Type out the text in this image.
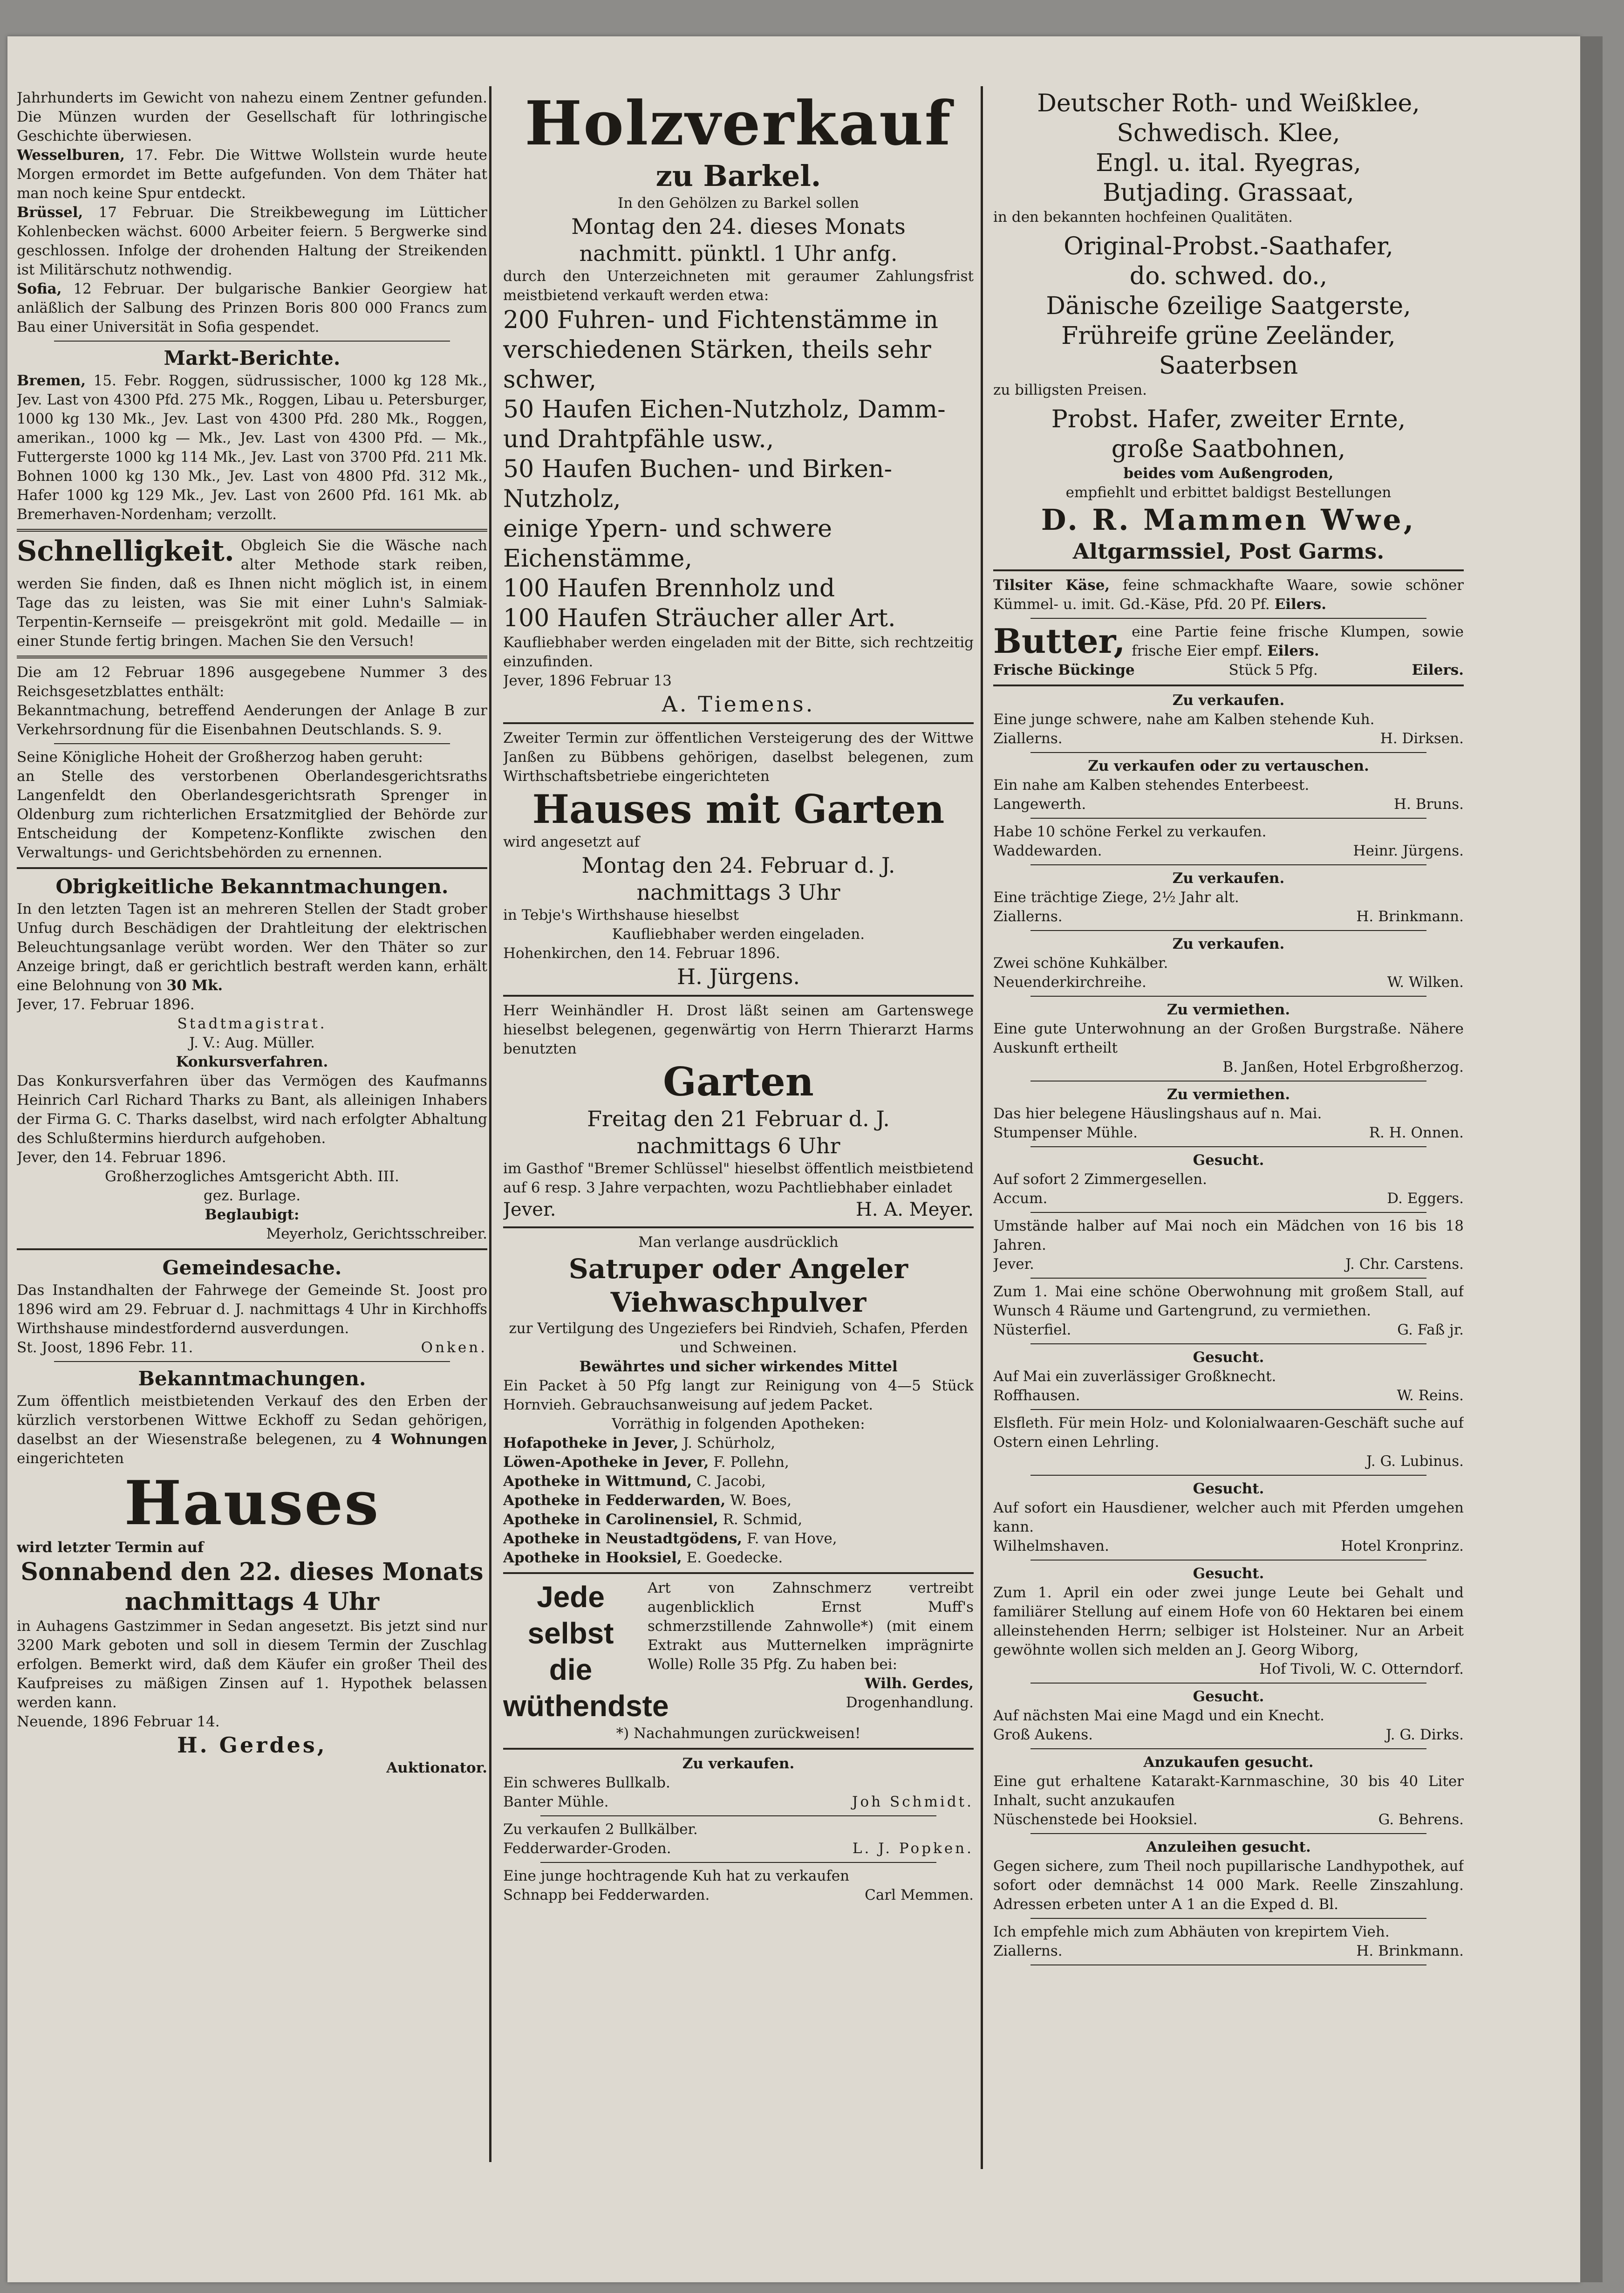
Jahrhunderts im Gewicht von nahezu einem Zentner gefunden. Die Münzen wurden der Gesellschaft für lothringische Geschichte überwiesen.

Wesselburen, 17. Febr. Die Wittwe Wollstein wurde heute Morgen ermordet im Bette aufgefunden. Von dem Thäter hat man noch keine Spur entdeckt.

Brüssel, 17 Februar. Die Streikbewegung im Lütticher Kohlenbecken wächst. 6000 Arbeiter feiern. 5 Bergwerke sind geschlossen. Infolge der drohenden Haltung der Streikenden ist Militärschutz nothwendig.

Sofia, 12 Februar. Der bulgarische Bankier Georgiew hat anläßlich der Salbung des Prinzen Boris 800 000 Francs zum Bau einer Universität in Sofia gespendet.

Markt-Berichte.

Bremen, 15. Febr. Roggen, südrussischer, 1000 kg 128 Mk., Jev. Last von 4300 Pfd. 275 Mk., Roggen, Libau u. Petersburger, 1000 kg 130 Mk., Jev. Last von 4300 Pfd. 280 Mk., Roggen, amerikan., 1000 kg — Mk., Jev. Last von 4300 Pfd. — Mk., Futtergerste 1000 kg 114 Mk., Jev. Last von 3700 Pfd. 211 Mk. Bohnen 1000 kg 130 Mk., Jev. Last von 4800 Pfd. 312 Mk., Hafer 1000 kg 129 Mk., Jev. Last von 2600 Pfd. 161 Mk. ab Bremerhaven-Nordenham; verzollt.

Schnelligkeit. Obgleich Sie die Wäsche nach alter Methode stark reiben, werden Sie finden, daß es Ihnen nicht möglich ist, in einem Tage das zu leisten, was Sie mit einer Luhn's Salmiak-Terpentin-Kernseife — preisgekrönt mit gold. Medaille — in einer Stunde fertig bringen. Machen Sie den Versuch!

Die am 12 Februar 1896 ausgegebene Nummer 3 des Reichsgesetzblattes enthält:

Bekanntmachung, betreffend Aenderungen der Anlage B zur Verkehrsordnung für die Eisenbahnen Deutschlands. S. 9.

Seine Königliche Hoheit der Großherzog haben geruht:

an Stelle des verstorbenen Oberlandesgerichtsraths Langenfeldt den Oberlandesgerichtsrath Sprenger in Oldenburg zum richterlichen Ersatzmitglied der Behörde zur Entscheidung der Kompetenz-Konflikte zwischen den Verwaltungs- und Gerichtsbehörden zu ernennen.

Obrigkeitliche Bekanntmachungen.

In den letzten Tagen ist an mehreren Stellen der Stadt grober Unfug durch Beschädigen der Drahtleitung der elektrischen Beleuchtungsanlage verübt worden. Wer den Thäter so zur Anzeige bringt, daß er gerichtlich bestraft werden kann, erhält eine Belohnung von 30 Mk.

Jever, 17. Februar 1896.

Stadtmagistrat.

J. V.: Aug. Müller.

Konkursverfahren.

Das Konkursverfahren über das Vermögen des Kaufmanns Heinrich Carl Richard Tharks zu Bant, als alleinigen Inhabers der Firma G. C. Tharks daselbst, wird nach erfolgter Abhaltung des Schlußtermins hierdurch aufgehoben.

Jever, den 14. Februar 1896.

Großherzogliches Amtsgericht Abth. III.

gez. Burlage.

Beglaubigt:

Meyerholz, Gerichtsschreiber.

Gemeindesache.

Das Instandhalten der Fahrwege der Gemeinde St. Joost pro 1896 wird am 29. Februar d. J. nachmittags 4 Uhr in Kirchhoffs Wirthshause mindestfordernd ausverdungen.

St. Joost, 1896 Febr. 11.	Onken.

Bekanntmachungen.

Zum öffentlich meistbietenden Verkauf des den Erben der kürzlich verstorbenen Wittwe Eckhoff zu Sedan gehörigen, daselbst an der Wiesenstraße belegenen, zu 4 Wohnungen eingerichteten

Hauses

wird letzter Termin auf

Sonnabend den 22. dieses Monats

nachmittags 4 Uhr

in Auhagens Gastzimmer in Sedan angesetzt. Bis jetzt sind nur 3200 Mark geboten und soll in diesem Termin der Zuschlag erfolgen. Bemerkt wird, daß dem Käufer ein großer Theil des Kaufpreises zu mäßigen Zinsen auf 1. Hypothek belassen werden kann.

Neuende, 1896 Februar 14.

H. Gerdes,

Auktionator.

Holzverkauf

zu Barkel.

In den Gehölzen zu Barkel sollen

Montag den 24. dieses Monats

nachmitt. pünktl. 1 Uhr anfg.

durch den Unterzeichneten mit geraumer Zahlungsfrist meistbietend verkauft werden etwa:

200 Fuhren- und Fichtenstämme in verschiedenen Stärken, theils sehr schwer,

50 Haufen Eichen-Nutzholz, Damm- und Drahtpfähle usw.,

50 Haufen Buchen- und Birken-Nutzholz,

einige Ypern- und schwere Eichenstämme,

100 Haufen Brennholz und

100 Haufen Sträucher aller Art.

Kaufliebhaber werden eingeladen mit der Bitte, sich rechtzeitig einzufinden.

Jever, 1896 Februar 13

A. Tiemens.

Zweiter Termin zur öffentlichen Versteigerung des der Wittwe Janßen zu Bübbens gehörigen, daselbst belegenen, zum Wirthschaftsbetriebe eingerichteten

Hauses mit Garten

wird angesetzt auf

Montag den 24. Februar d. J.

nachmittags 3 Uhr

in Tebje's Wirthshause hieselbst

Kaufliebhaber werden eingeladen.

Hohenkirchen, den 14. Februar 1896.

H. Jürgens.

Herr Weinhändler H. Drost läßt seinen am Gartenswege hieselbst belegenen, gegenwärtig von Herrn Thierarzt Harms benutzten

Garten

Freitag den 21 Februar d. J.

nachmittags 6 Uhr

im Gasthof "Bremer Schlüssel" hieselbst öffentlich meistbietend auf 6 resp. 3 Jahre verpachten, wozu Pachtliebhaber einladet

Jever.	H. A. Meyer.

Man verlange ausdrücklich

Satruper oder Angeler

Viehwaschpulver

zur Vertilgung des Ungeziefers bei Rindvieh, Schafen, Pferden und Schweinen.

Bewährtes und sicher wirkendes Mittel

Ein Packet à 50 Pfg langt zur Reinigung von 4—5 Stück Hornvieh. Gebrauchsanweisung auf jedem Packet.

Vorräthig in folgenden Apotheken:

Hofapotheke in Jever, J. Schürholz,

Löwen-Apotheke in Jever, F. Pollehn,

Apotheke in Wittmund, C. Jacobi,

Apotheke in Fedderwarden, W. Boes,

Apotheke in Carolinensiel, R. Schmid,

Apotheke in Neustadtgödens, F. van Hove,

Apotheke in Hooksiel, E. Goedecke.

Jede
selbst
die
wüthendste

Art von Zahnschmerz vertreibt augenblicklich Ernst Muff's schmerzstillende Zahnwolle*) (mit einem Extrakt aus Mutternelken imprägnirte Wolle) Rolle 35 Pfg. Zu haben bei:

Wilh. Gerdes,

Drogenhandlung.

*) Nachahmungen zurückweisen!

Zu verkaufen.

Ein schweres Bullkalb.

Banter Mühle.	Joh Schmidt.

Zu verkaufen 2 Bullkälber.

Fedderwarder-Groden.	L. J. Popken.

Eine junge hochtragende Kuh hat zu verkaufen

Schnapp bei Fedderwarden.	Carl Memmen.

Deutscher Roth- und Weißklee,

Schwedisch. Klee,

Engl. u. ital. Ryegras,

Butjading. Grassaat,

in den bekannten hochfeinen Qualitäten.

Original-Probst.-Saathafer,

do. schwed. do.,

Dänische 6zeilige Saatgerste,

Frühreife grüne Zeeländer,

Saaterbsen

zu billigsten Preisen.

Probst. Hafer, zweiter Ernte,

große Saatbohnen,

beides vom Außengroden,

empfiehlt und erbittet baldigst Bestellungen

D. R. Mammen Wwe,

Altgarmssiel, Post Garms.

Tilsiter Käse, feine schmackhafte Waare, sowie schöner Kümmel- u. imit. Gd.-Käse, Pfd. 20 Pf. Eilers.

Butter, eine Partie feine frische Klumpen, sowie frische Eier empf. Eilers.

Frische Bückinge	Stück 5 Pfg.	Eilers.

Zu verkaufen.

Eine junge schwere, nahe am Kalben stehende Kuh.

Ziallerns.	H. Dirksen.

Zu verkaufen oder zu vertauschen.

Ein nahe am Kalben stehendes Enterbeest.

Langewerth.	H. Bruns.

Habe 10 schöne Ferkel zu verkaufen.

Waddewarden.	Heinr. Jürgens.

Zu verkaufen.

Eine trächtige Ziege, 2½ Jahr alt.

Ziallerns.	H. Brinkmann.

Zu verkaufen.

Zwei schöne Kuhkälber.

Neuenderkirchreihe.	W. Wilken.

Zu vermiethen.

Eine gute Unterwohnung an der Großen Burgstraße. Nähere Auskunft ertheilt

B. Janßen, Hotel Erbgroßherzog.

Zu vermiethen.

Das hier belegene Häuslingshaus auf n. Mai.

Stumpenser Mühle.	R. H. Onnen.

Gesucht.

Auf sofort 2 Zimmergesellen.

Accum.	D. Eggers.

Umstände halber auf Mai noch ein Mädchen von 16 bis 18 Jahren.

Jever.	J. Chr. Carstens.

Zum 1. Mai eine schöne Oberwohnung mit großem Stall, auf Wunsch 4 Räume und Gartengrund, zu vermiethen.

Nüsterfiel.	G. Faß jr.

Gesucht.

Auf Mai ein zuverlässiger Großknecht.

Roffhausen.	W. Reins.

Elsfleth. Für mein Holz- und Kolonialwaaren-Geschäft suche auf Ostern einen Lehrling.

J. G. Lubinus.

Gesucht.

Auf sofort ein Hausdiener, welcher auch mit Pferden umgehen kann.

Wilhelmshaven.	Hotel Kronprinz.

Gesucht.

Zum 1. April ein oder zwei junge Leute bei Gehalt und familiärer Stellung auf einem Hofe von 60 Hektaren bei einem alleinstehenden Herrn; selbiger ist Holsteiner. Nur an Arbeit gewöhnte wollen sich melden an J. Georg Wiborg,

Hof Tivoli, W. C. Otterndorf.

Gesucht.

Auf nächsten Mai eine Magd und ein Knecht.

Groß Aukens.	J. G. Dirks.

Anzukaufen gesucht.

Eine gut erhaltene Katarakt-Karnmaschine, 30 bis 40 Liter Inhalt, sucht anzukaufen

Nüschenstede bei Hooksiel.	G. Behrens.

Anzuleihen gesucht.

Gegen sichere, zum Theil noch pupillarische Landhypothek, auf sofort oder demnächst 14 000 Mark. Reelle Zinszahlung. Adressen erbeten unter A 1 an die Exped d. Bl.

Ich empfehle mich zum Abhäuten von krepirtem Vieh.

Ziallerns.	H. Brinkmann.
